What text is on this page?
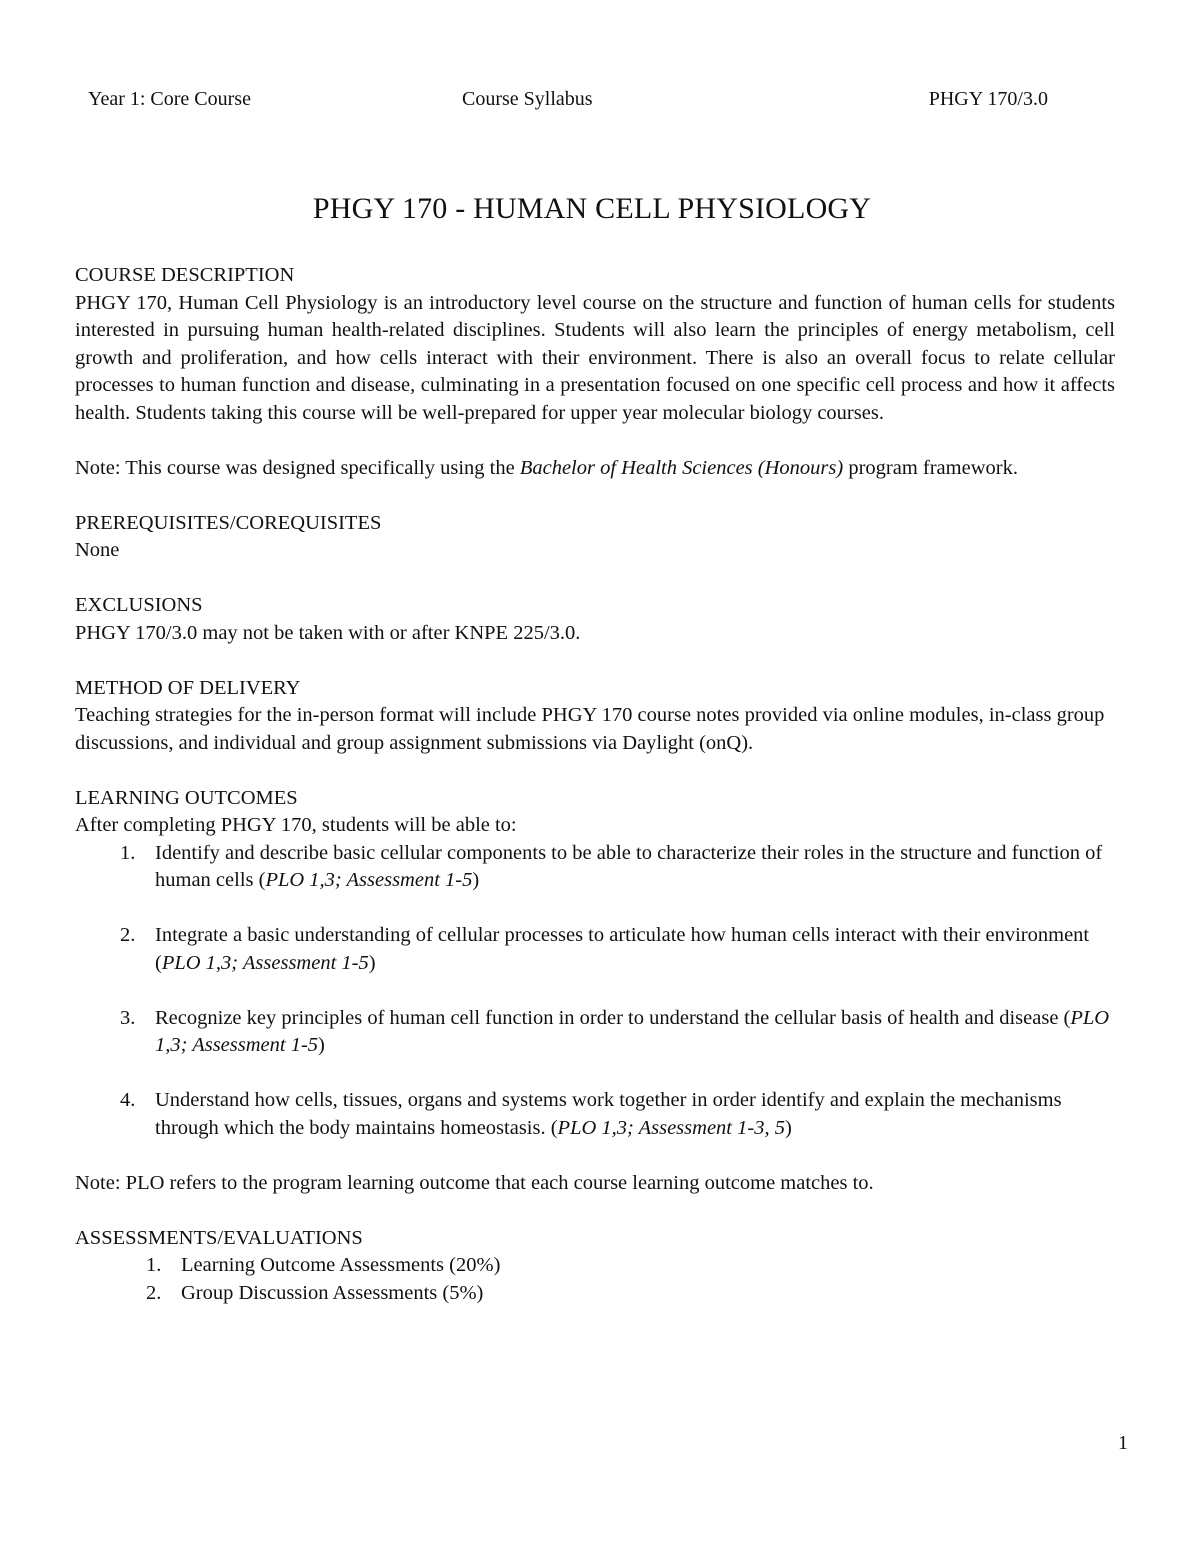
Year 1: Core Course	Course Syllabus	PHGY 170/3.0
PHGY 170 - HUMAN CELL PHYSIOLOGY
COURSE DESCRIPTION
PHGY 170, Human Cell Physiology is an introductory level course on the structure and function of human cells for students interested in pursuing human health-related disciplines. Students will also learn the principles of energy metabolism, cell growth and proliferation, and how cells interact with their environment. There is also an overall focus to relate cellular processes to human function and disease, culminating in a presentation focused on one specific cell process and how it affects health. Students taking this course will be well-prepared for upper year molecular biology courses.
Note: This course was designed specifically using the Bachelor of Health Sciences (Honours) program framework.
PREREQUISITES/COREQUISITES
None
EXCLUSIONS
PHGY 170/3.0 may not be taken with or after KNPE 225/3.0.
METHOD OF DELIVERY
Teaching strategies for the in-person format will include PHGY 170 course notes provided via online modules, in-class group discussions, and individual and group assignment submissions via Daylight (onQ).
LEARNING OUTCOMES
After completing PHGY 170, students will be able to:
1. Identify and describe basic cellular components to be able to characterize their roles in the structure and function of human cells (PLO 1,3; Assessment 1-5)
2. Integrate a basic understanding of cellular processes to articulate how human cells interact with their environment (PLO 1,3; Assessment 1-5)
3. Recognize key principles of human cell function in order to understand the cellular basis of health and disease (PLO 1,3; Assessment 1-5)
4. Understand how cells, tissues, organs and systems work together in order identify and explain the mechanisms through which the body maintains homeostasis. (PLO 1,3; Assessment 1-3, 5)
Note: PLO refers to the program learning outcome that each course learning outcome matches to.
ASSESSMENTS/EVALUATIONS
1. Learning Outcome Assessments (20%)
2. Group Discussion Assessments (5%)
1
